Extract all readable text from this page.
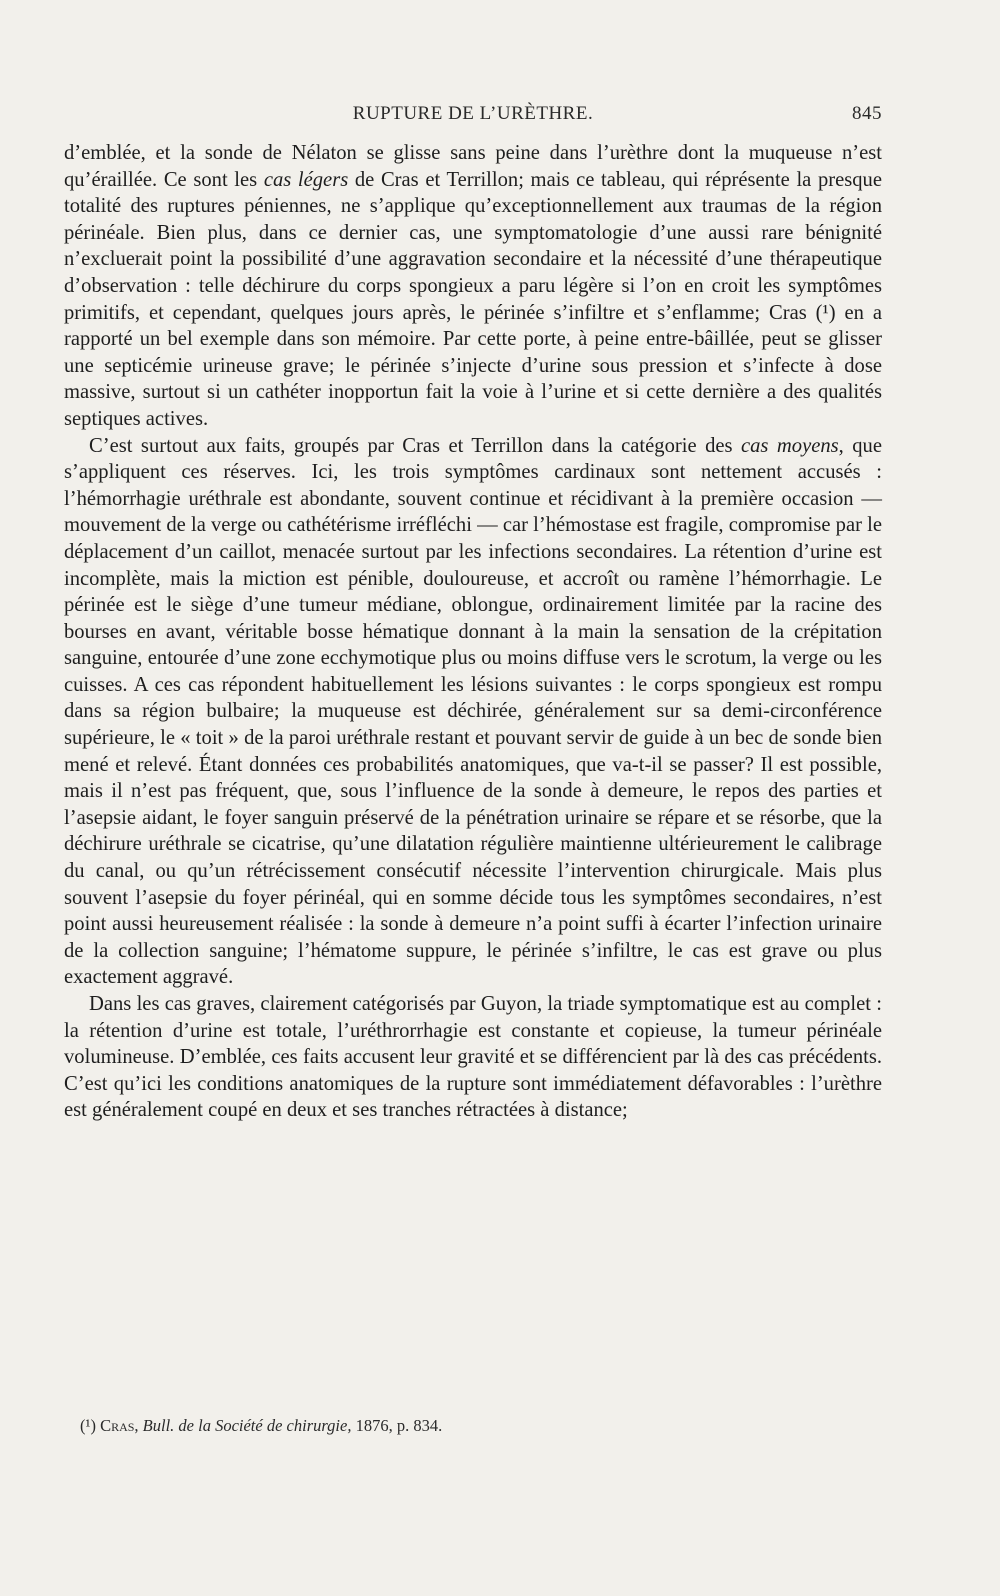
RUPTURE DE L’URÈTHRE.	845

d’emblée, et la sonde de Nélaton se glisse sans peine dans l’urèthre dont la muqueuse n’est qu’éraillée. Ce sont les cas légers de Cras et Terrillon; mais ce tableau, qui réprésente la presque totalité des ruptures péniennes, ne s’applique qu’exceptionnellement aux traumas de la région périnéale. Bien plus, dans ce dernier cas, une symptomatologie d’une aussi rare bénignité n’excluerait point la possibilité d’une aggravation secondaire et la nécessité d’une thérapeutique d’observation : telle déchirure du corps spongieux a paru légère si l’on en croit les symptômes primitifs, et cependant, quelques jours après, le périnée s’infiltre et s’enflamme; Cras (¹) en a rapporté un bel exemple dans son mémoire. Par cette porte, à peine entre-bâillée, peut se glisser une septicémie urineuse grave; le périnée s’injecte d’urine sous pression et s’infecte à dose massive, surtout si un cathéter inopportun fait la voie à l’urine et si cette dernière a des qualités septiques actives.

C’est surtout aux faits, groupés par Cras et Terrillon dans la catégorie des cas moyens, que s’appliquent ces réserves. Ici, les trois symptômes cardinaux sont nettement accusés : l’hémorrhagie uréthrale est abondante, souvent continue et récidivant à la première occasion — mouvement de la verge ou cathétérisme irréfléchi — car l’hémostase est fragile, compromise par le déplacement d’un caillot, menacée surtout par les infections secondaires. La rétention d’urine est incomplète, mais la miction est pénible, douloureuse, et accroît ou ramène l’hémorrhagie. Le périnée est le siège d’une tumeur médiane, oblongue, ordinairement limitée par la racine des bourses en avant, véritable bosse hématique donnant à la main la sensation de la crépitation sanguine, entourée d’une zone ecchymotique plus ou moins diffuse vers le scrotum, la verge ou les cuisses. A ces cas répondent habituellement les lésions suivantes : le corps spongieux est rompu dans sa région bulbaire; la muqueuse est déchirée, généralement sur sa demi-circonférence supérieure, le « toit » de la paroi uréthrale restant et pouvant servir de guide à un bec de sonde bien mené et relevé. Étant données ces probabilités anatomiques, que va-t-il se passer? Il est possible, mais il n’est pas fréquent, que, sous l’influence de la sonde à demeure, le repos des parties et l’asepsie aidant, le foyer sanguin préservé de la pénétration urinaire se répare et se résorbe, que la déchirure uréthrale se cicatrise, qu’une dilatation régulière maintienne ultérieurement le calibrage du canal, ou qu’un rétrécissement consécutif nécessite l’intervention chirurgicale. Mais plus souvent l’asepsie du foyer périnéal, qui en somme décide tous les symptômes secondaires, n’est point aussi heureusement réalisée : la sonde à demeure n’a point suffi à écarter l’infection urinaire de la collection sanguine; l’hématome suppure, le périnée s’infiltre, le cas est grave ou plus exactement aggravé.

Dans les cas graves, clairement catégorisés par Guyon, la triade symptomatique est au complet : la rétention d’urine est totale, l’uréthrorrhagie est constante et copieuse, la tumeur périnéale volumineuse. D’emblée, ces faits accusent leur gravité et se différencient par là des cas précédents. C’est qu’ici les conditions anatomiques de la rupture sont immédiatement défavorables : l’urèthre est généralement coupé en deux et ses tranches rétractées à distance;

(¹) Cras, Bull. de la Société de chirurgie, 1876, p. 834.
